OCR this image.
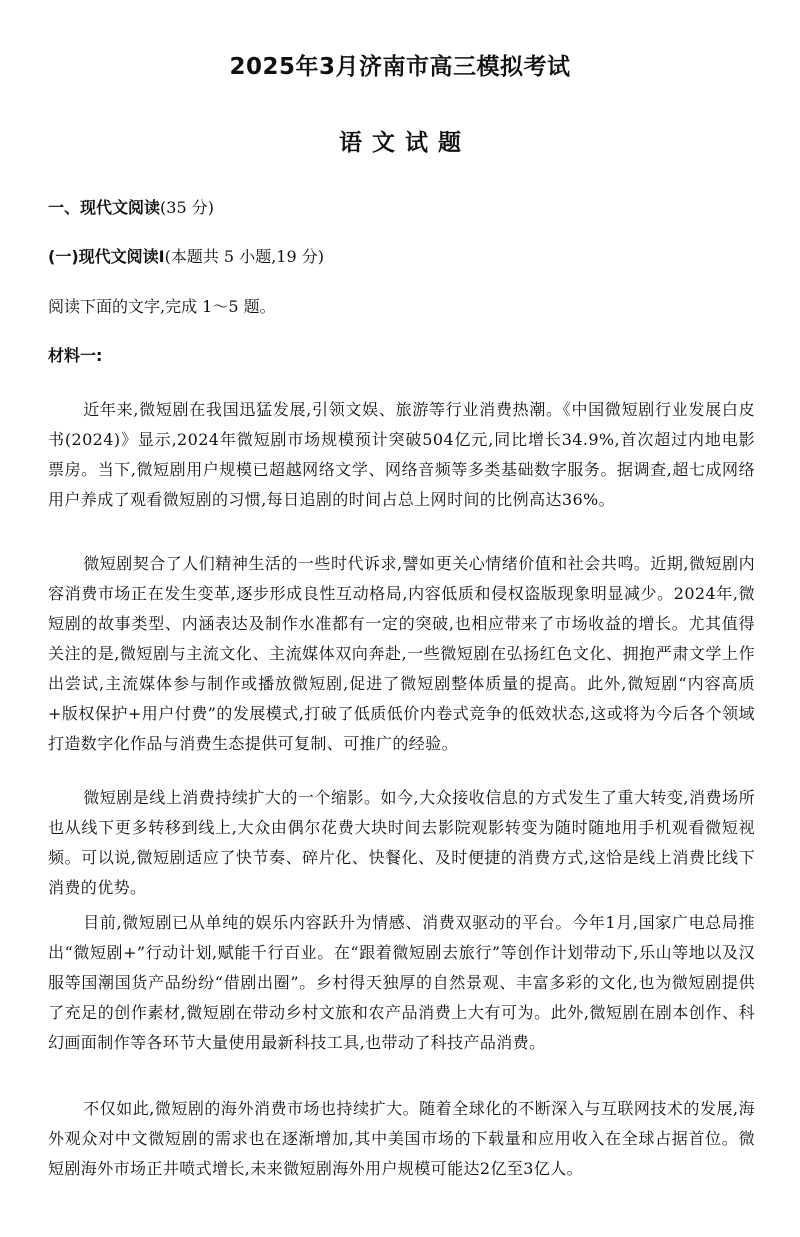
2025年3月济南市高三模拟考试
语文试题
一、现代文阅读(35 分)
(一)现代文阅读Ⅰ(本题共 5 小题,19 分)
阅读下面的文字,完成 1～5 题。
材料一:

近年来,微短剧在我国迅猛发展,引领文娱、旅游等行业消费热潮。《中国微短剧行业发展白皮书(2024)》显示,2024年微短剧市场规模预计突破504亿元,同比增长34.9%,首次超过内地电影票房。当下,微短剧用户规模已超越网络文学、网络音频等多类基础数字服务。据调查,超七成网络用户养成了观看微短剧的习惯,每日追剧的时间占总上网时间的比例高达36%。

微短剧契合了人们精神生活的一些时代诉求,譬如更关心情绪价值和社会共鸣。近期,微短剧内容消费市场正在发生变革,逐步形成良性互动格局,内容低质和侵权盗版现象明显减少。2024年,微短剧的故事类型、内涵表达及制作水准都有一定的突破,也相应带来了市场收益的增长。尤其值得关注的是,微短剧与主流文化、主流媒体双向奔赴,一些微短剧在弘扬红色文化、拥抱严肃文学上作出尝试,主流媒体参与制作或播放微短剧,促进了微短剧整体质量的提高。此外,微短剧“内容高质+版权保护+用户付费”的发展模式,打破了低质低价内卷式竞争的低效状态,这或将为今后各个领域打造数字化作品与消费生态提供可复制、可推广的经验。

微短剧是线上消费持续扩大的一个缩影。如今,大众接收信息的方式发生了重大转变,消费场所也从线下更多转移到线上,大众由偶尔花费大块时间去影院观影转变为随时随地用手机观看微短视频。可以说,微短剧适应了快节奏、碎片化、快餐化、及时便捷的消费方式,这恰是线上消费比线下消费的优势。

目前,微短剧已从单纯的娱乐内容跃升为情感、消费双驱动的平台。今年1月,国家广电总局推出“微短剧+”行动计划,赋能千行百业。在“跟着微短剧去旅行”等创作计划带动下,乐山等地以及汉服等国潮国货产品纷纷“借剧出圈”。乡村得天独厚的自然景观、丰富多彩的文化,也为微短剧提供了充足的创作素材,微短剧在带动乡村文旅和农产品消费上大有可为。此外,微短剧在剧本创作、科幻画面制作等各环节大量使用最新科技工具,也带动了科技产品消费。

不仅如此,微短剧的海外消费市场也持续扩大。随着全球化的不断深入与互联网技术的发展,海外观众对中文微短剧的需求也在逐渐增加,其中美国市场的下载量和应用收入在全球占据首位。微短剧海外市场正井喷式增长,未来微短剧海外用户规模可能达2亿至3亿人。
